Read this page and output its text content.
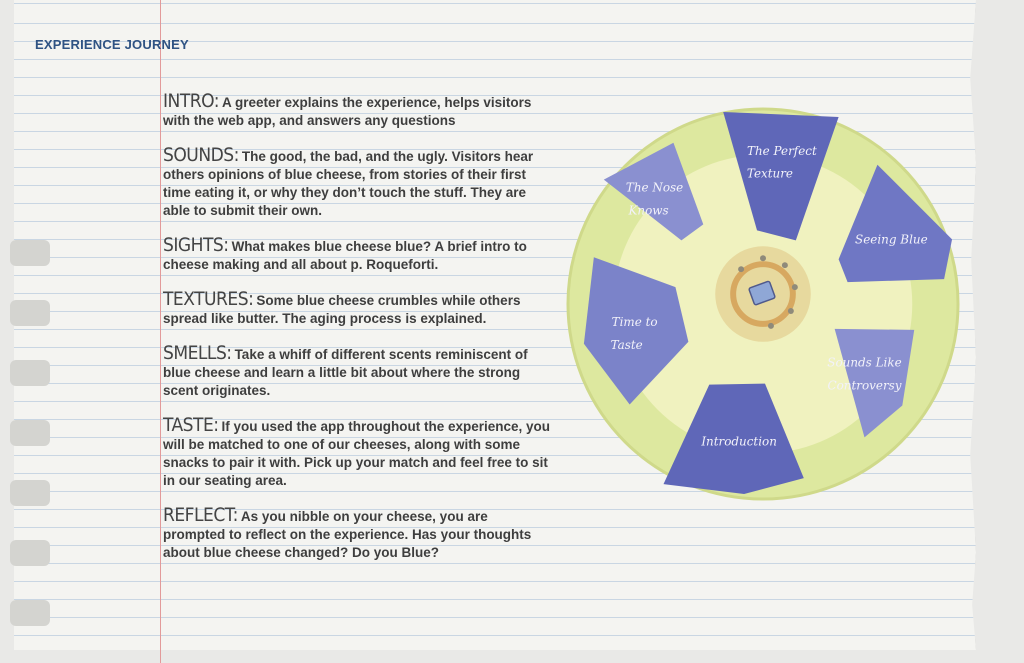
EXPERIENCE JOURNEY

INTRO: A greeter explains the experience, helps visitors with the web app, and answers any questions

SOUNDS: The good, the bad, and the ugly. Visitors hear others opinions of blue cheese, from stories of their first time eating it, or why they don’t touch the stuff. They are able to submit their own.

SIGHTS: What makes blue cheese blue? A brief intro to cheese making and all about p. Roqueforti.

TEXTURES: Some blue cheese crumbles while others spread like butter. The aging process is explained.

SMELLS: Take a whiff of different scents reminiscent of blue cheese and learn a little bit about where the strong scent originates.

TASTE: If you used the app throughout the experience, you will be matched to one of our cheeses, along with some snacks to pair it with. Pick up your match and feel free to sit in our seating area.

REFLECT: As you nibble on your cheese, you are prompted to reflect on the experience. Has your thoughts about blue cheese changed? Do you Blue?

The Perfect
Texture
Seeing Blue
Sounds Like
Controversy
Introduction
Time to
Taste
The Nose
Knows
